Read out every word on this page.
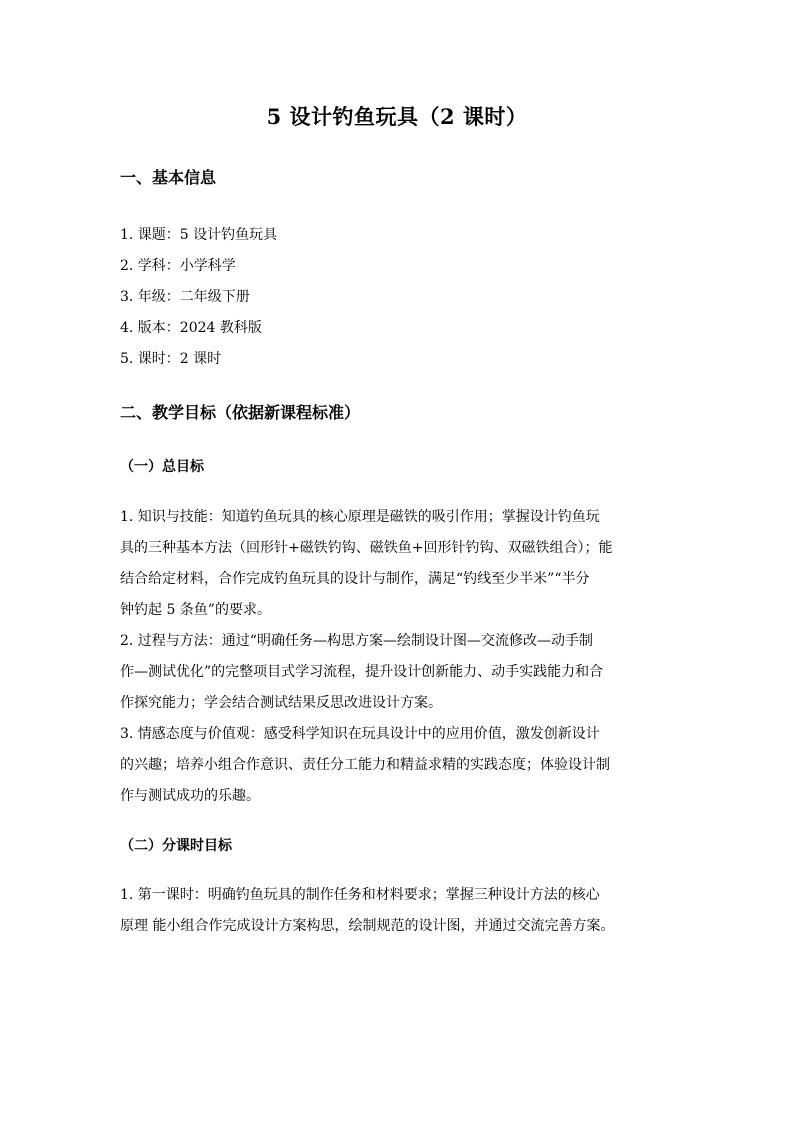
5 设计钓鱼玩具（2 课时）
一、基本信息
1. 课题：5 设计钓鱼玩具
2. 学科：小学科学
3. 年级：二年级下册
4. 版本：2024 教科版
5. 课时：2 课时
二、教学目标（依据新课程标准）
（一）总目标
1. 知识与技能：知道钓鱼玩具的核心原理是磁铁的吸引作用；掌握设计钓鱼玩
具的三种基本方法（回形针+磁铁钓钩、磁铁鱼+回形针钓钩、双磁铁组合）；能
结合给定材料，合作完成钓鱼玩具的设计与制作，满足“钓线至少半米”“半分
钟钓起 5 条鱼”的要求。
2. 过程与方法：通过“明确任务—构思方案—绘制设计图—交流修改—动手制
作—测试优化”的完整项目式学习流程，提升设计创新能力、动手实践能力和合
作探究能力；学会结合测试结果反思改进设计方案。
3. 情感态度与价值观：感受科学知识在玩具设计中的应用价值，激发创新设计
的兴趣；培养小组合作意识、责任分工能力和精益求精的实践态度；体验设计制
作与测试成功的乐趣。
（二）分课时目标
1. 第一课时：明确钓鱼玩具的制作任务和材料要求；掌握三种设计方法的核心
原理 能小组合作完成设计方案构思，绘制规范的设计图，并通过交流完善方案。
